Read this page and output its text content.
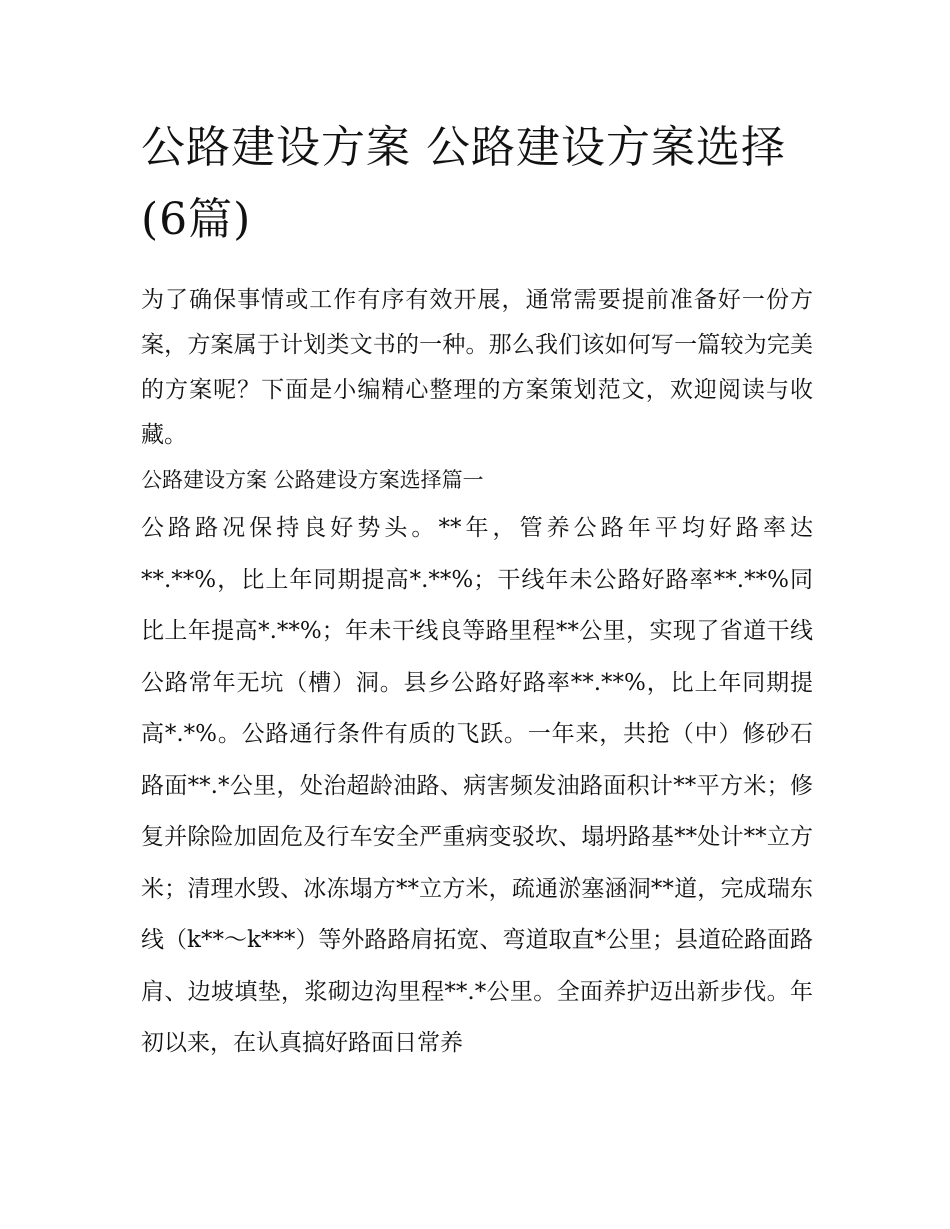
公路建设方案 公路建设方案选择(6篇)

为了确保事情或工作有序有效开展，通常需要提前准备好一份方案，方案属于计划类文书的一种。那么我们该如何写一篇较为完美的方案呢？下面是小编精心整理的方案策划范文，欢迎阅读与收藏。

公路建设方案 公路建设方案选择篇一

公路路况保持良好势头。**年，管养公路年平均好路率达**.**%，比上年同期提高*.**%；干线年未公路好路率**.**%同比上年提高*.**%；年未干线良等路里程**公里，实现了省道干线公路常年无坑（槽）洞。县乡公路好路率**.**%，比上年同期提高*.*%。公路通行条件有质的飞跃。一年来，共抢（中）修砂石路面**.*公里，处治超龄油路、病害频发油路面积计**平方米；修复并除险加固危及行车安全严重病变驳坎、塌坍路基**处计**立方米；清理水毁、冰冻塌方**立方米，疏通淤塞涵洞**道，完成瑞东线（k**～k***）等外路路肩拓宽、弯道取直*公里；县道砼路面路肩、边坡填垫，浆砌边沟里程**.*公里。全面养护迈出新步伐。年初以来，在认真搞好路面日常养
